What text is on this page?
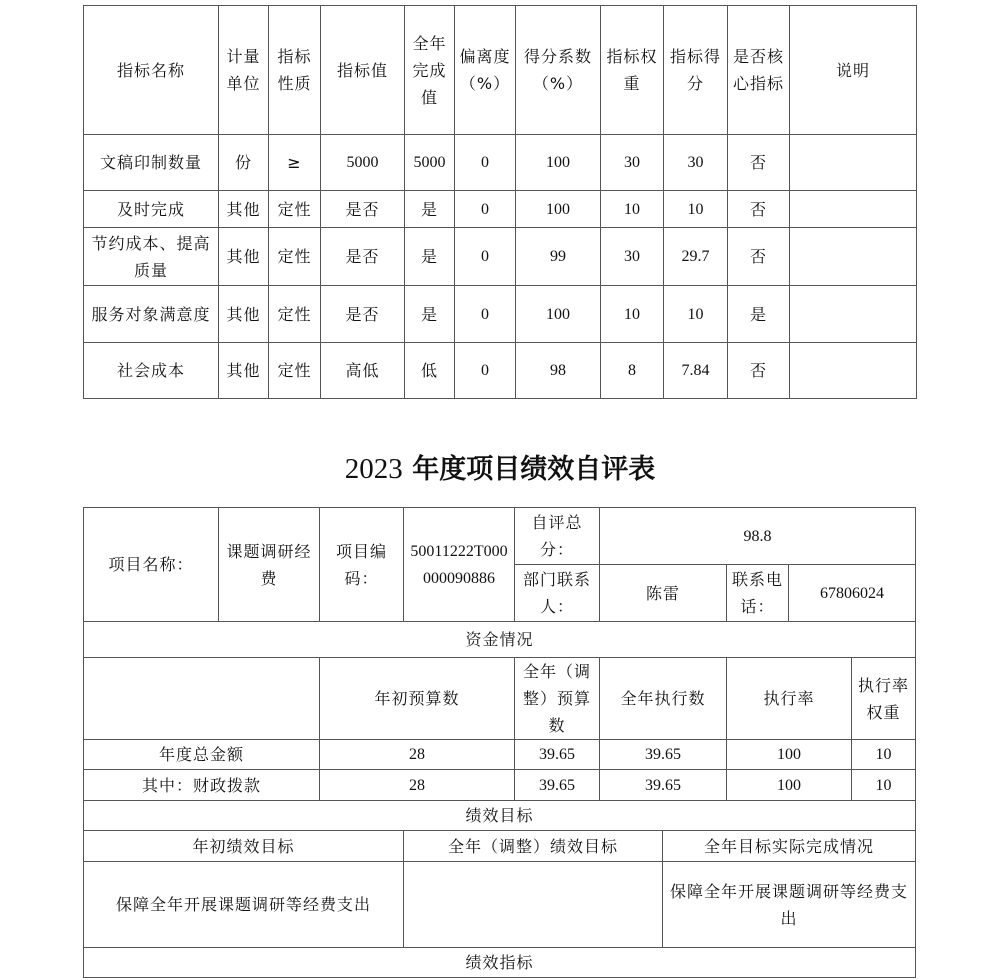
指标名称	计量单位	指标性质	指标值	全年完成值	偏离度（%）	得分系数（%）	指标权重	指标得分	是否核心指标	说明
文稿印制数量	份	≥	5000	5000	0	100	30	30	否	
及时完成	其他	定性	是否	是	0	100	10	10	否	
节约成本、提高质量	其他	定性	是否	是	0	99	30	29.7	否	
服务对象满意度	其他	定性	是否	是	0	100	10	10	是	
社会成本	其他	定性	高低	低	0	98	8	7.84	否	
2023 年度项目绩效自评表
项目名称：	课题调研经费	项目编码：	50011222T000000090886	自评总分：	98.8				
				部门联系人：	陈雷		联系电话：	67806024	
资金情况									
		年初预算数		全年（调整）预算数	全年执行数		执行率		执行率权重
年度总金额		28		39.65	39.65		100		10
其中：财政拨款		28		39.65	39.65		100		10
绩效目标									
年初绩效目标			全年（调整）绩效目标			全年目标实际完成情况			
保障全年开展课题调研等经费支出						保障全年开展课题调研等经费支出			
绩效指标									
